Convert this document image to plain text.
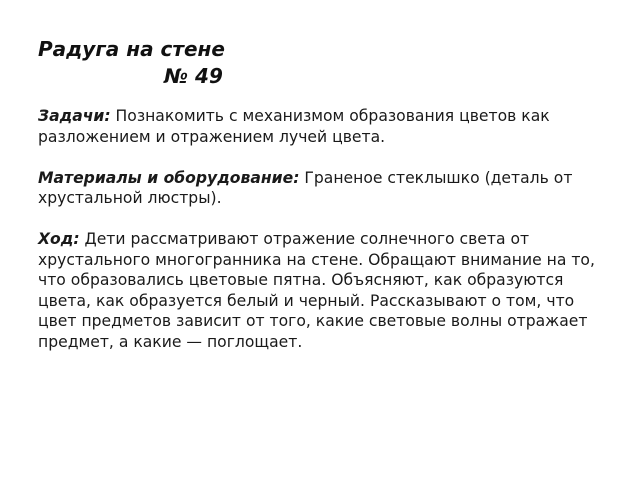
Радуга на стене
№ 49

Задачи: Познакомить с механизмом образования цветов как разложением и отражением лучей цвета.

Материалы и оборудование: Граненое стеклышко (деталь от хрустальной люстры).

Ход: Дети рассматривают отражение солнечного света от хрустального многогранника на стене. Обращают внимание на то, что образовались цветовые пятна. Объясняют, как образуются цвета, как образуется белый и черный. Рассказывают о том, что цвет предметов зависит от того, какие световые волны отражает предмет, а какие — поглощает.
